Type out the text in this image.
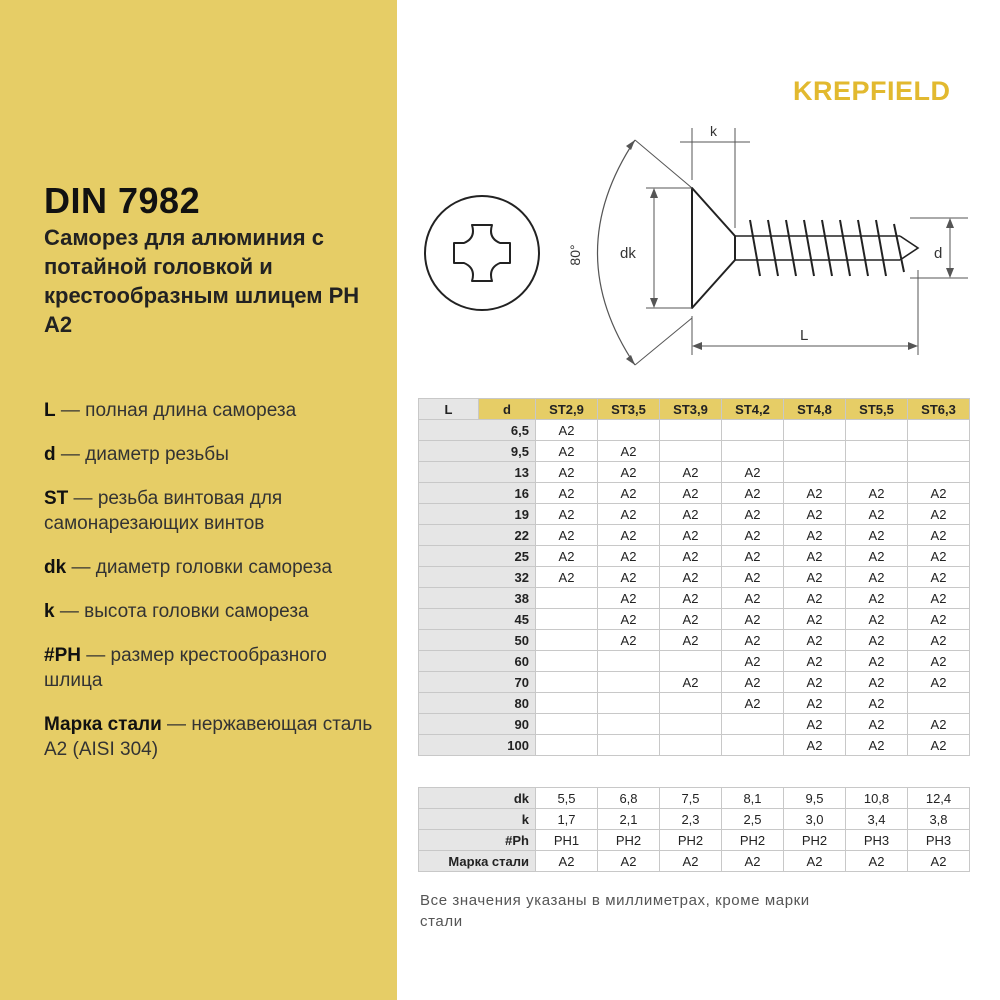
DIN 7982
Саморез для алюминия с потайной головкой и крестообразным шлицем PH A2
L — полная длина самореза
d — диаметр резьбы
ST — резьба винтовая для самонарезающих винтов
dk — диаметр головки самореза
k — высота головки самореза
#PH — размер крестообразного шлица
Марка стали — нержавеющая сталь А2 (AISI 304)
KREPFIELD
80°
k
dk	d
L
L	d	ST2,9	ST3,5	ST3,9	ST4,2	ST4,8	ST5,5	ST6,3
6,5		A2						
9,5		A2	A2					
13		A2	A2	A2	A2			
16		A2	A2	A2	A2	A2	A2	A2
19		A2	A2	A2	A2	A2	A2	A2
22		A2	A2	A2	A2	A2	A2	A2
25		A2	A2	A2	A2	A2	A2	A2
32		A2	A2	A2	A2	A2	A2	A2
38			A2	A2	A2	A2	A2	A2
45			A2	A2	A2	A2	A2	A2
50			A2	A2	A2	A2	A2	A2
60					A2	A2	A2	A2
70				A2	A2	A2	A2	A2
80					A2	A2	A2	
90						A2	A2	A2
100						A2	A2	A2
dk	5,5	6,8	7,5	8,1	9,5	10,8	12,4
k	1,7	2,1	2,3	2,5	3,0	3,4	3,8
#Ph	PH1	PH2	PH2	PH2	PH2	PH3	PH3
Марка стали	A2	A2	A2	A2	A2	A2	A2
Все значения указаны в миллиметрах, кроме марки стали
